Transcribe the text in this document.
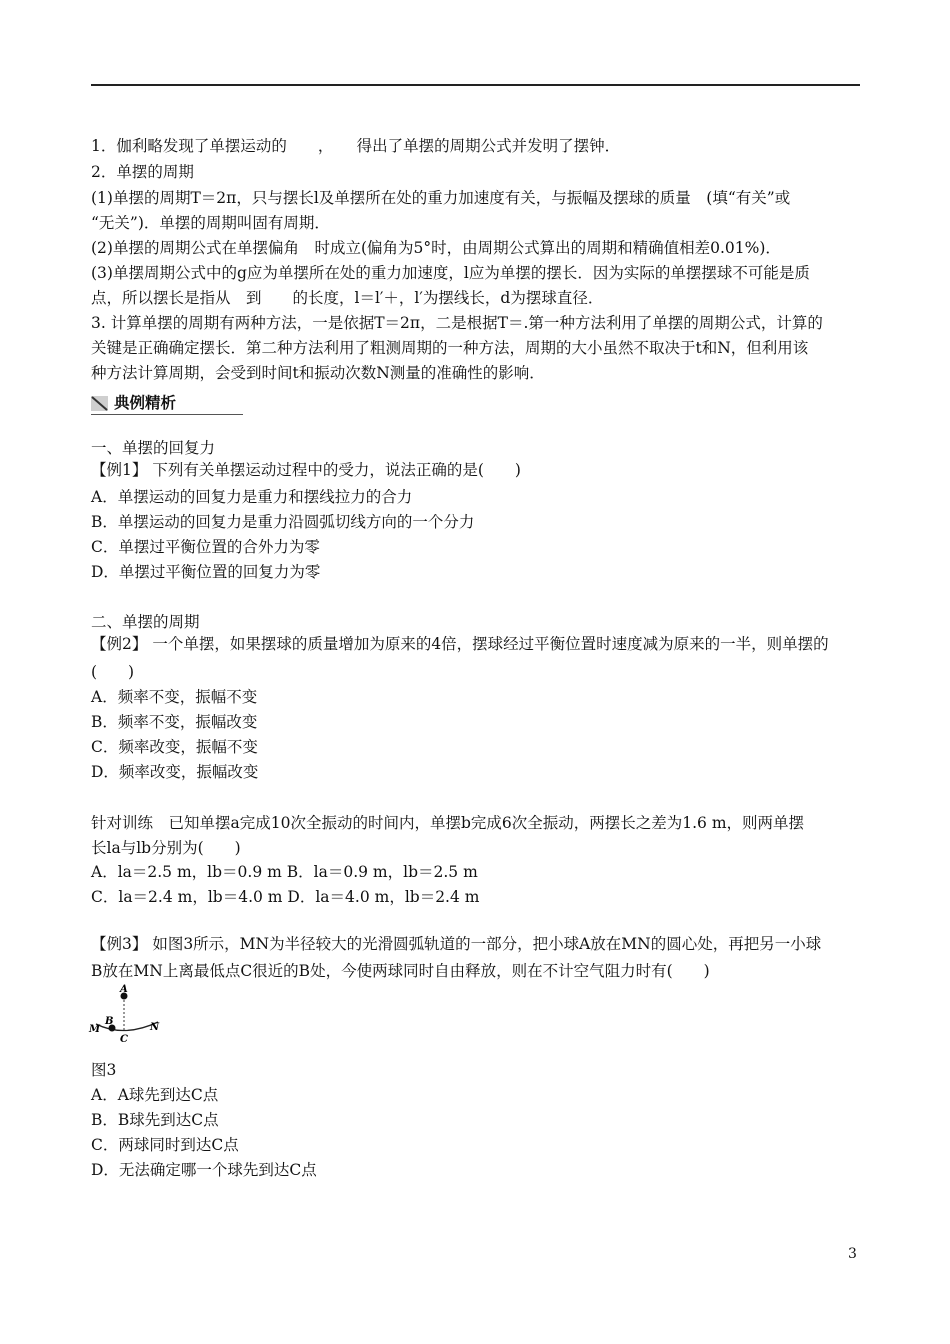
1．伽利略发现了单摆运动的　　，　　得出了单摆的周期公式并发明了摆钟．
2．单摆的周期
(1)单摆的周期T＝2π，只与摆长l及单摆所在处的重力加速度有关，与振幅及摆球的质量　(填“有关”或
“无关”)．单摆的周期叫固有周期．
(2)单摆的周期公式在单摆偏角　时成立(偏角为5°时，由周期公式算出的周期和精确值相差0.01%)．
(3)单摆周期公式中的g应为单摆所在处的重力加速度，l应为单摆的摆长．因为实际的单摆摆球不可能是质
点，所以摆长是指从　到　　的长度，l＝l′＋，l′为摆线长，d为摆球直径．
3. 计算单摆的周期有两种方法，一是依据T＝2π，二是根据T＝.第一种方法利用了单摆的周期公式，计算的
关键是正确确定摆长．第二种方法利用了粗测周期的一种方法，周期的大小虽然不取决于t和N，但利用该
种方法计算周期，会受到时间t和振动次数N测量的准确性的影响．
典例精析
一、单摆的回复力
【例1】 下列有关单摆运动过程中的受力，说法正确的是(　　)
A．单摆运动的回复力是重力和摆线拉力的合力
B．单摆运动的回复力是重力沿圆弧切线方向的一个分力
C．单摆过平衡位置的合外力为零
D．单摆过平衡位置的回复力为零
二、单摆的周期
【例2】 一个单摆，如果摆球的质量增加为原来的4倍，摆球经过平衡位置时速度减为原来的一半，则单摆的
(　　)
A．频率不变，振幅不变
B．频率不变，振幅改变
C．频率改变，振幅不变
D．频率改变，振幅改变
针对训练　已知单摆a完成10次全振动的时间内，单摆b完成6次全振动，两摆长之差为1.6 m，则两单摆
长la与lb分别为(　　)
A．la＝2.5 m，lb＝0.9 m B．la＝0.9 m，lb＝2.5 m
C．la＝2.4 m，lb＝4.0 m D．la＝4.0 m，lb＝2.4 m
【例3】 如图3所示，MN为半径较大的光滑圆弧轨道的一部分，把小球A放在MN的圆心处，再把另一小球
B放在MN上离最低点C很近的B处，今使两球同时自由释放，则在不计空气阻力时有(　　)
A
B
C
M	N
图3
A．A球先到达C点
B．B球先到达C点
C．两球同时到达C点
D．无法确定哪一个球先到达C点
3
